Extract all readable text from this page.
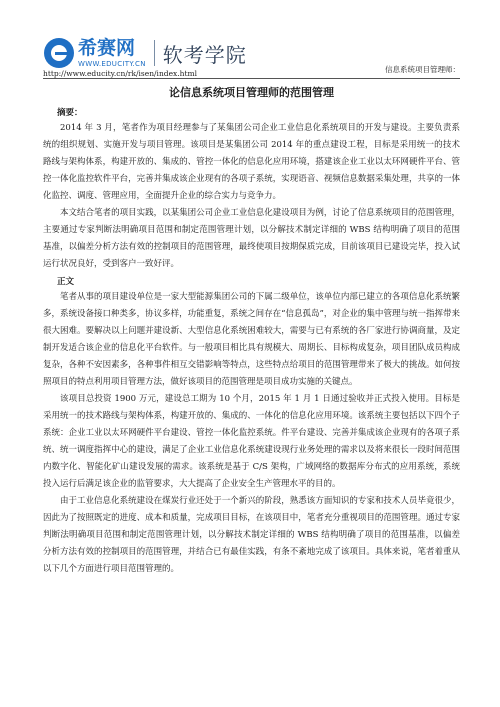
希赛网
WWW.EDUCITY.CN 软考学院
http://www.educity.cn/rk/isen/index.html	信息系统项目管理师：
论信息系统项目管理师的范围管理
摘要：

2014 年 3 月，笔者作为项目经理参与了某集团公司企业工业信息化系统项目的开发与建设。主要负责系统的组织规划、实施开发与项目管理。该项目是某集团公司 2014 年的重点建设工程，目标是采用统一的技术路线与架构体系，构建开放的、集成的、管控一体化的信息化应用环境，搭建该企业工业以太环网硬件平台、管控一体化监控软件平台，完善并集成该企业现有的各项子系统，实现语音、视频信息数据采集处理，共享的一体化监控、调度、管理应用，全面提升企业的综合实力与竞争力。

本文结合笔者的项目实践，以某集团公司企业工业信息化建设项目为例，讨论了信息系统项目的范围管理，主要通过专家判断法明确项目范围和制定范围管理计划，以分解技术制定详细的 WBS 结构明确了项目的范围基准，以偏差分析方法有效的控制项目的范围管理，最终使项目按期保质完成，目前该项目已建设完毕，投入试运行状况良好，受到客户一致好评。

正文

笔者从事的项目建设单位是一家大型能源集团公司的下属二级单位，该单位内部已建立的各项信息化系统繁多，系统设备接口种类多，协议多样，功能重复，系统之间存在“信息孤岛”，对企业的集中管理与统一指挥带来很大困难。要解决以上问题并建设新、大型信息化系统困难较大，需要与已有系统的各厂家进行协调商量，及定制开发适合该企业的信息化平台软件。与一般项目相比具有规模大、周期长、目标构成复杂，项目团队成员构成复杂，各种不安因素多，各种事件相互交错影响等特点，这些特点给项目的范围管理带来了极大的挑战。如何按照项目的特点利用项目管理方法，做好该项目的范围管理是项目成功实施的关键点。

该项目总投资 1900 万元，建设总工期为 10 个月，2015 年 1 月 1 日通过验收并正式投入使用。目标是采用统一的技术路线与架构体系，构建开放的、集成的、一体化的信息化应用环境。该系统主要包括以下四个子系统：企业工业以太环网硬件平台建设、管控一体化监控系统。件平台建设、完善并集成该企业现有的各项子系统、统一调度指挥中心的建设，满足了企业工业信息化系统建设现行业务处理的需求以及将来很长一段时间范围内数字化、智能化矿山建设发展的需求。该系统是基于 C/S 架构，广域网络的数据库分布式的应用系统，系统投入运行后满足该企业的监管要求，大大提高了企业安全生产管理水平的目的。

由于工业信息化系统建设在煤炭行业还处于一个新兴的阶段，熟悉该方面知识的专家和技术人员毕竟很少，因此为了按照既定的进度、成本和质量，完成项目目标，在该项目中，笔者充分重视项目的范围管理。通过专家判断法明确项目范围和制定范围管理计划，以分解技术制定详细的 WBS 结构明确了项目的范围基准，以偏差分析方法有效的控制项目的范围管理，并结合已有最佳实践，有条不紊地完成了该项目。具体来说，笔者着重从以下几个方面进行项目范围管理的。
